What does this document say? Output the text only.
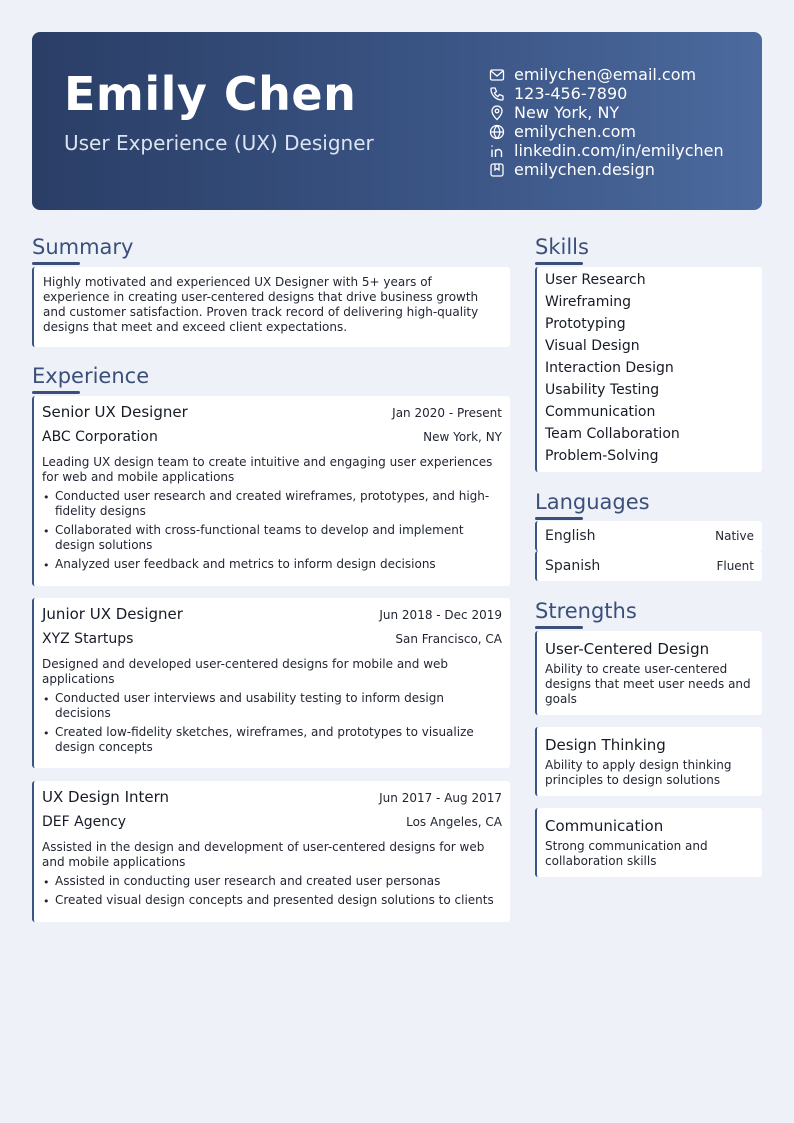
Emily Chen
User Experience (UX) Designer
emilychen@email.com
123-456-7890
New York, NY
emilychen.com
linkedin.com/in/emilychen
emilychen.design
Summary
Highly motivated and experienced UX Designer with 5+ years of experience in creating user-centered designs that drive business growth and customer satisfaction. Proven track record of delivering high-quality designs that meet and exceed client expectations.
Experience
Senior UX Designer	Jan 2020 - Present
ABC Corporation	New York, NY
Leading UX design team to create intuitive and engaging user experiences for web and mobile applications
• Conducted user research and created wireframes, prototypes, and high-fidelity designs
• Collaborated with cross-functional teams to develop and implement design solutions
• Analyzed user feedback and metrics to inform design decisions
Junior UX Designer	Jun 2018 - Dec 2019
XYZ Startups	San Francisco, CA
Designed and developed user-centered designs for mobile and web applications
• Conducted user interviews and usability testing to inform design decisions
• Created low-fidelity sketches, wireframes, and prototypes to visualize design concepts
UX Design Intern	Jun 2017 - Aug 2017
DEF Agency	Los Angeles, CA
Assisted in the design and development of user-centered designs for web and mobile applications
• Assisted in conducting user research and created user personas
• Created visual design concepts and presented design solutions to clients
Skills
User Research
Wireframing
Prototyping
Visual Design
Interaction Design
Usability Testing
Communication
Team Collaboration
Problem-Solving
Languages
English	Native
Spanish	Fluent
Strengths
User-Centered Design
Ability to create user-centered designs that meet user needs and goals
Design Thinking
Ability to apply design thinking principles to design solutions
Communication
Strong communication and collaboration skills
